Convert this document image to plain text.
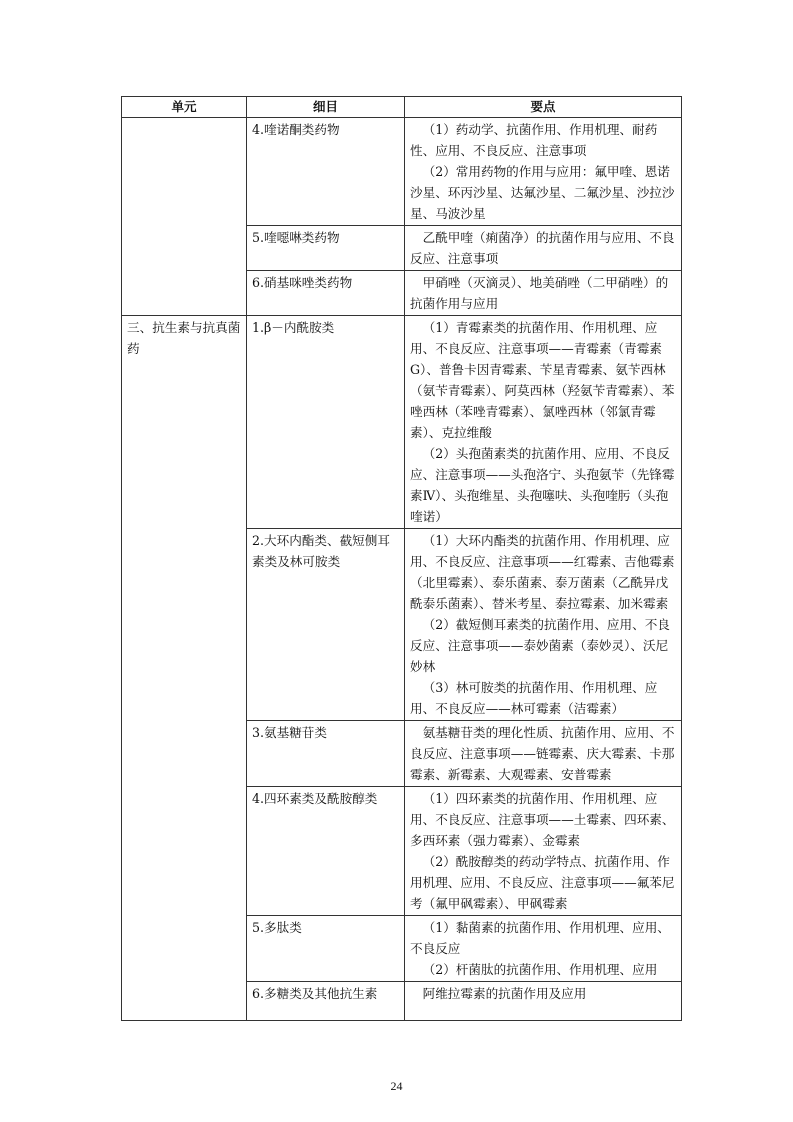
单元	细目	要点
	4.喹诺酮类药物	（1）药动学、抗菌作用、作用机理、耐药性、应用、不良反应、注意事项
（2）常用药物的作用与应用：氟甲喹、恩诺沙星、环丙沙星、达氟沙星、二氟沙星、沙拉沙星、马波沙星

	5.喹噁啉类药物	乙酰甲喹（痢菌净）的抗菌作用与应用、不良反应、注意事项

	6.硝基咪唑类药物	甲硝唑（灭滴灵）、地美硝唑（二甲硝唑）的抗菌作用与应用

三、抗生素与抗真菌药	1.β－内酰胺类	（1）青霉素类的抗菌作用、作用机理、应用、不良反应、注意事项——青霉素（青霉素G）、普鲁卡因青霉素、苄星青霉素、氨苄西林（氨苄青霉素）、阿莫西林（羟氨苄青霉素）、苯唑西林（苯唑青霉素）、氯唑西林（邻氯青霉素）、克拉维酸
（2）头孢菌素类的抗菌作用、应用、不良反应、注意事项——头孢洛宁、头孢氨苄（先锋霉素Ⅳ）、头孢维星、头孢噻呋、头孢喹肟（头孢喹诺）

	2.大环内酯类、截短侧耳素类及林可胺类	（1）大环内酯类的抗菌作用、作用机理、应用、不良反应、注意事项——红霉素、吉他霉素（北里霉素）、泰乐菌素、泰万菌素（乙酰异戊酰泰乐菌素）、替米考星、泰拉霉素、加米霉素
（2）截短侧耳素类的抗菌作用、应用、不良反应、注意事项——泰妙菌素（泰妙灵）、沃尼妙林
（3）林可胺类的抗菌作用、作用机理、应用、不良反应——林可霉素（洁霉素）

	3.氨基糖苷类	氨基糖苷类的理化性质、抗菌作用、应用、不良反应、注意事项——链霉素、庆大霉素、卡那霉素、新霉素、大观霉素、安普霉素

	4.四环素类及酰胺醇类	（1）四环素类的抗菌作用、作用机理、应用、不良反应、注意事项——土霉素、四环素、多西环素（强力霉素）、金霉素
（2）酰胺醇类的药动学特点、抗菌作用、作用机理、应用、不良反应、注意事项——氟苯尼考（氟甲砜霉素）、甲砜霉素

	5.多肽类	（1）黏菌素的抗菌作用、作用机理、应用、不良反应
（2）杆菌肽的抗菌作用、作用机理、应用

	6.多糖类及其他抗生素	阿维拉霉素的抗菌作用及应用
24
